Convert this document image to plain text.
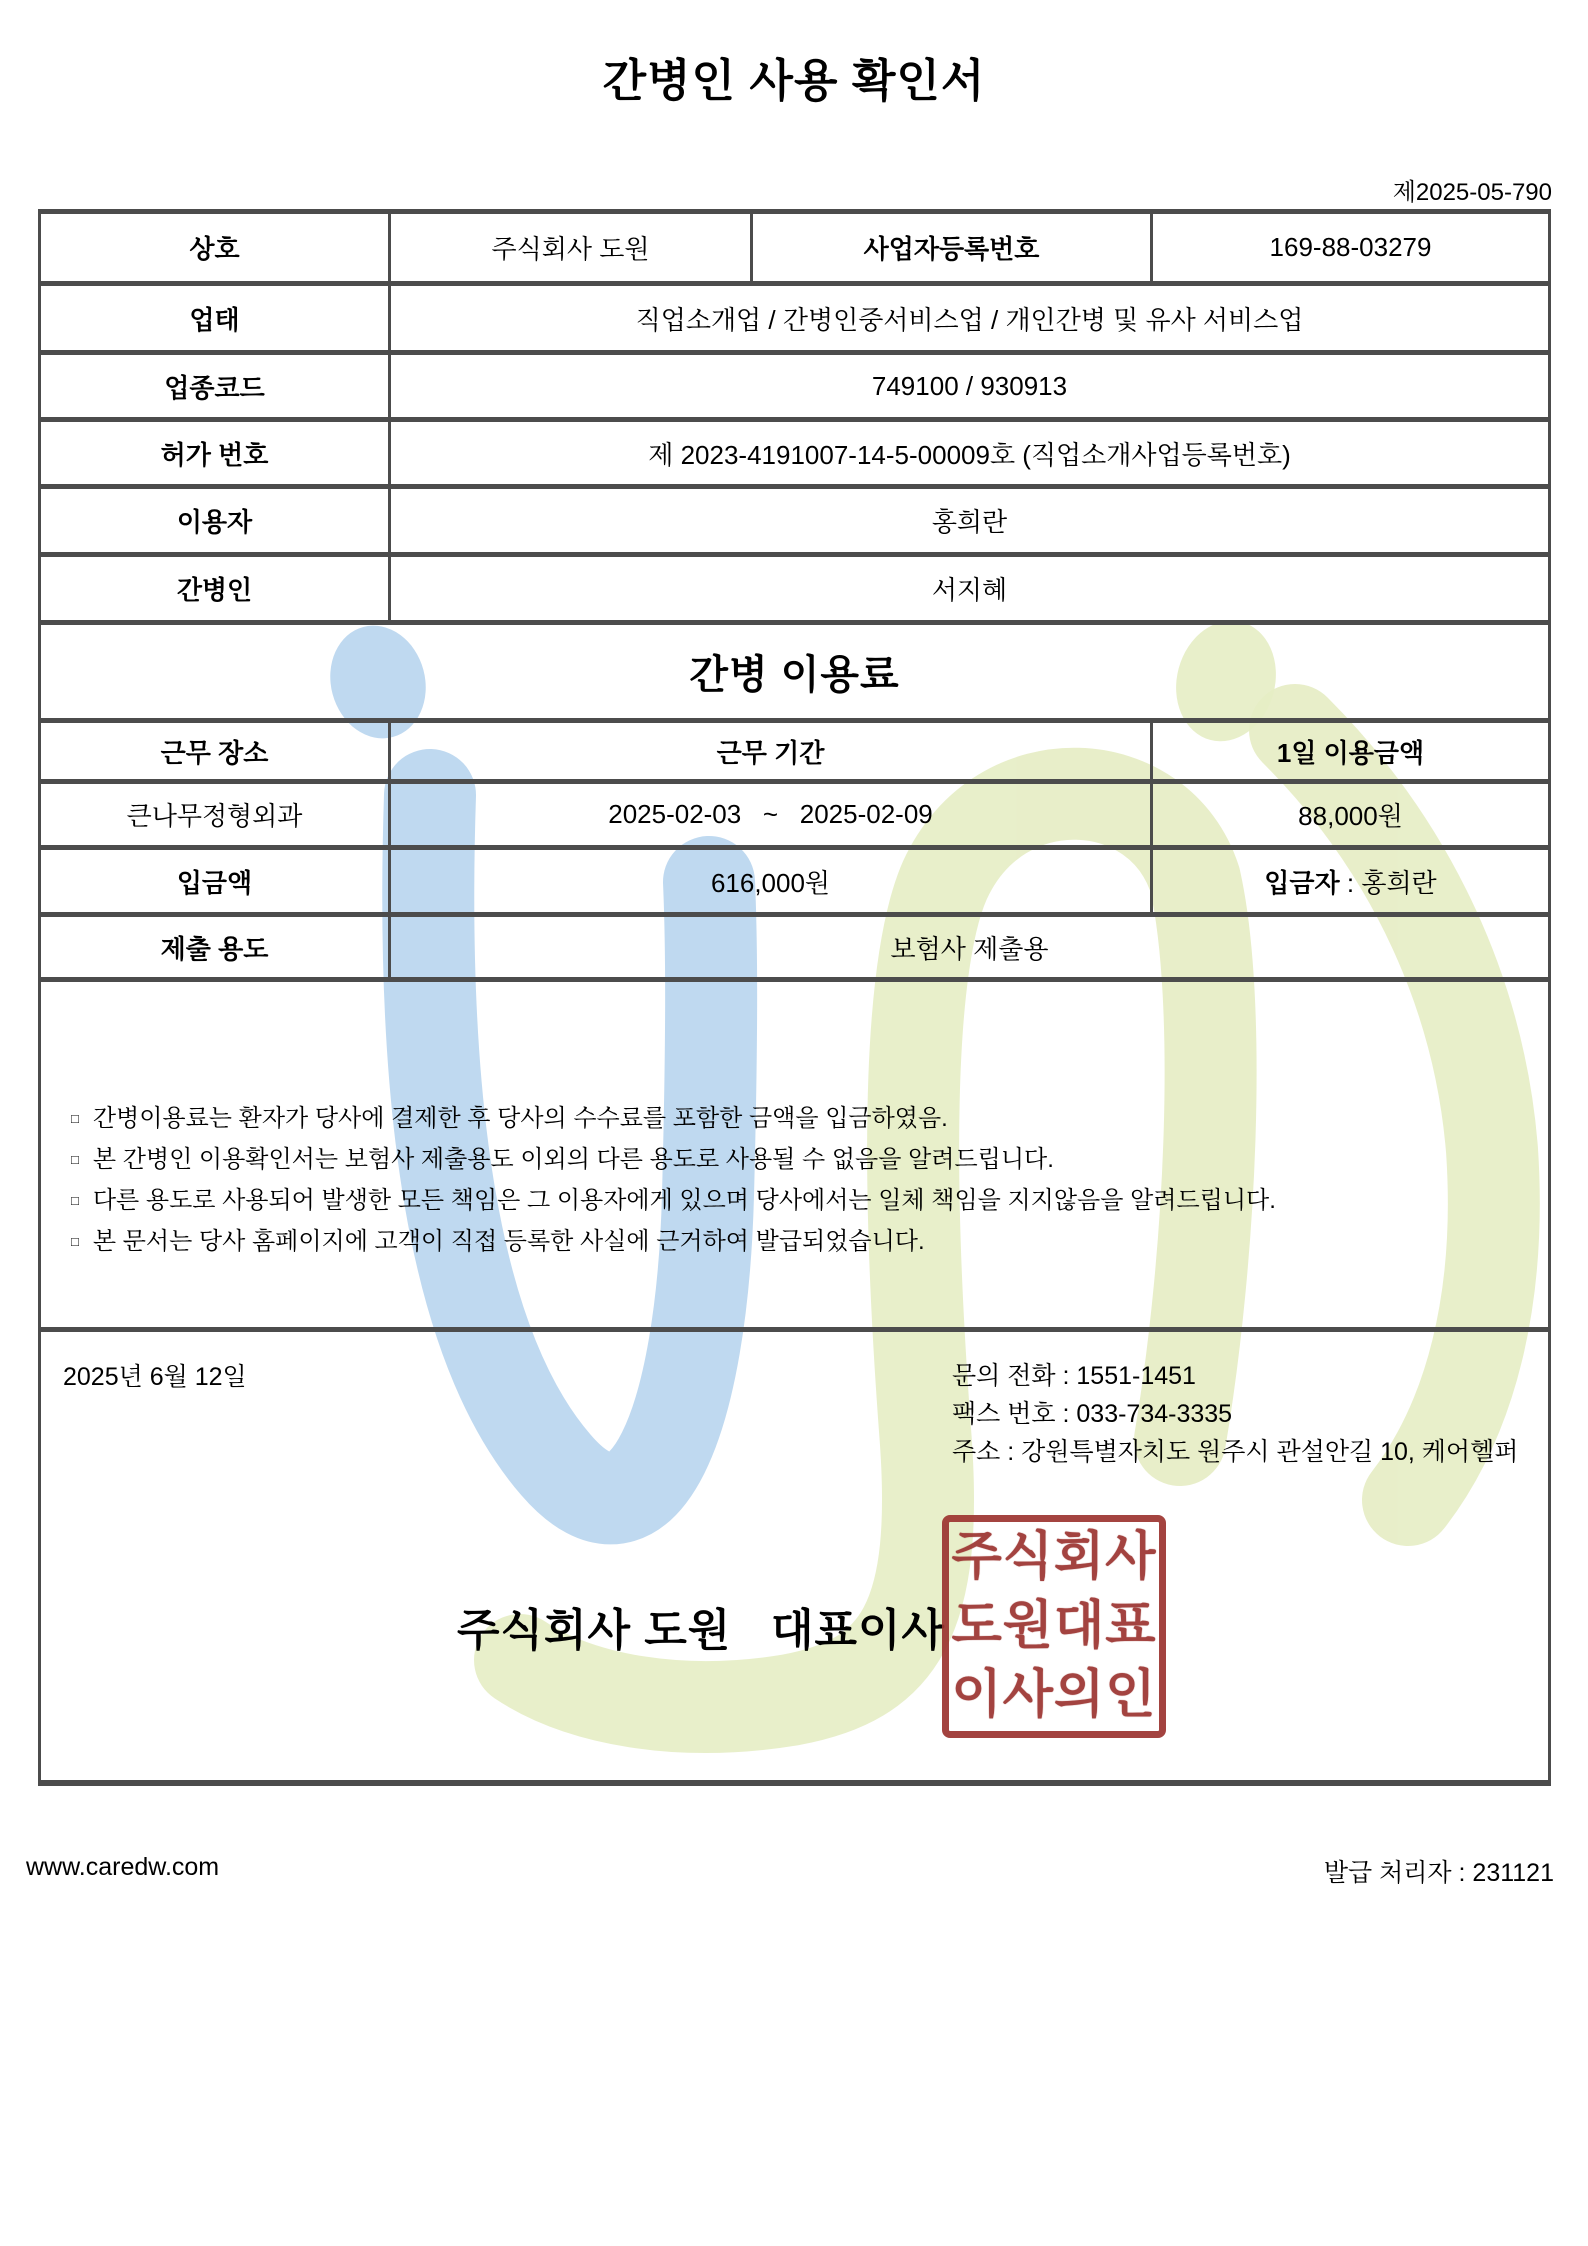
간병인 사용 확인서
제2025-05-790
상호	주식회사 도원	사업자등록번호	169-88-03279
업태	직업소개업 / 간병인중서비스업 / 개인간병 및 유사 서비스업
업종코드	749100 / 930913
허가 번호	제 2023-4191007-14-5-00009호 (직업소개사업등록번호)
이용자	홍희란
간병인	서지혜
간병 이용료
근무 장소	근무 기간	1일 이용금액
큰나무정형외과	2025-02-03   ~   2025-02-09	88,000원
입금액	616,000원	입금자 : 홍희란
제출 용도	보험사 제출용
□ 간병이용료는 환자가 당사에 결제한 후 당사의 수수료를 포함한 금액을 입금하였음.
□ 본 간병인 이용확인서는 보험사 제출용도 이외의 다른 용도로 사용될 수 없음을 알려드립니다.
□ 다른 용도로 사용되어 발생한 모든 책임은 그 이용자에게 있으며 당사에서는 일체 책임을 지지않음을 알려드립니다.
□ 본 문서는 당사 홈페이지에 고객이 직접 등록한 사실에 근거하여 발급되었습니다.
2025년 6월 12일	문의 전화 : 1551-1451
팩스 번호 : 033-734-3335
주소 : 강원특별자치도 원주시 관설안길 10, 케어헬퍼
주식회사 도원   대표이사
주식회사
도원대표
이사의인
www.caredw.com	발급 처리자 : 231121
